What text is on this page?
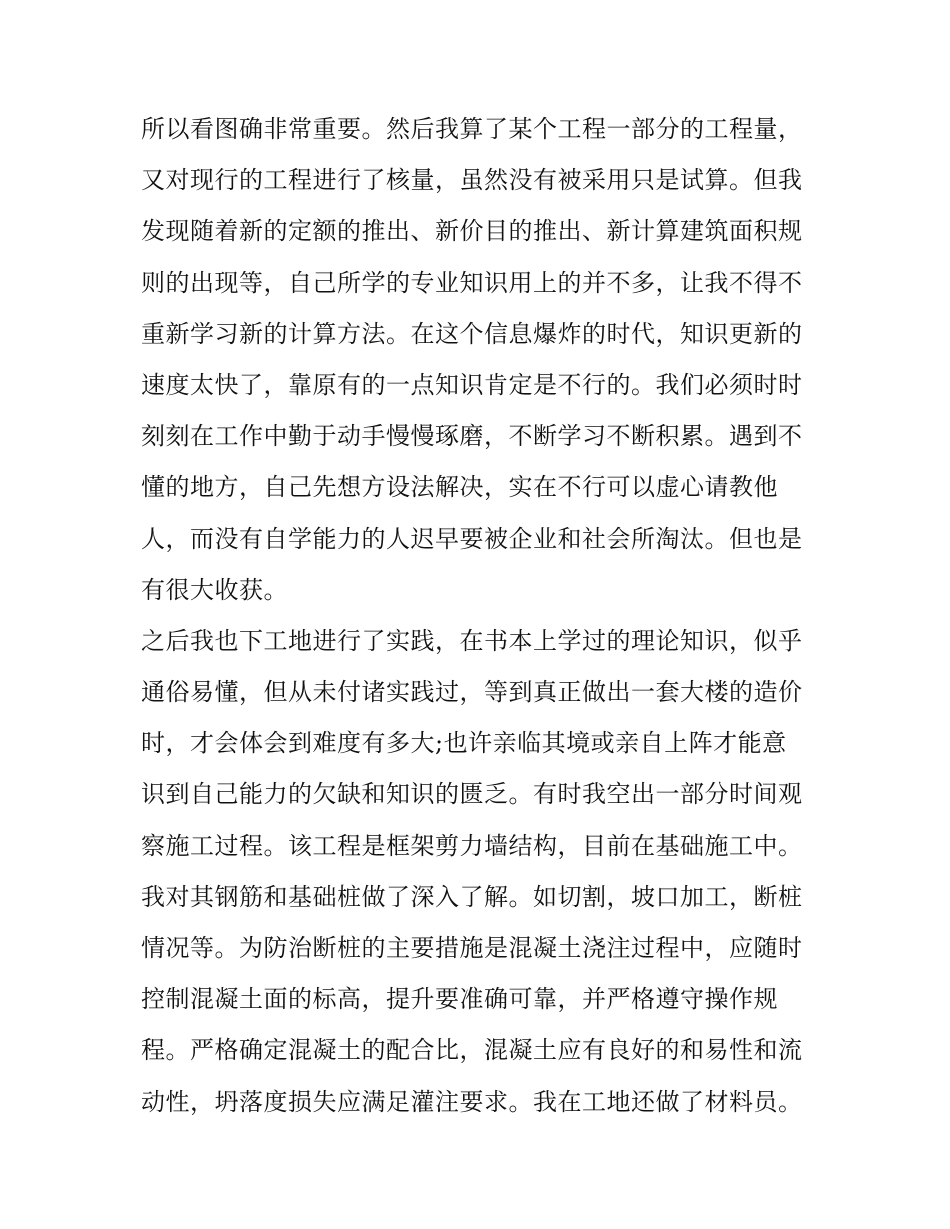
所以看图确非常重要。然后我算了某个工程一部分的工程量，
又对现行的工程进行了核量，虽然没有被采用只是试算。但我
发现随着新的定额的推出、新价目的推出、新计算建筑面积规
则的出现等，自己所学的专业知识用上的并不多，让我不得不
重新学习新的计算方法。在这个信息爆炸的时代，知识更新的
速度太快了，靠原有的一点知识肯定是不行的。我们必须时时
刻刻在工作中勤于动手慢慢琢磨，不断学习不断积累。遇到不
懂的地方，自己先想方设法解决，实在不行可以虚心请教他
人，而没有自学能力的人迟早要被企业和社会所淘汰。但也是
有很大收获。
之后我也下工地进行了实践，在书本上学过的理论知识，似乎
通俗易懂，但从未付诸实践过，等到真正做出一套大楼的造价
时，才会体会到难度有多大;也许亲临其境或亲自上阵才能意
识到自己能力的欠缺和知识的匮乏。有时我空出一部分时间观
察施工过程。该工程是框架剪力墙结构，目前在基础施工中。
我对其钢筋和基础桩做了深入了解。如切割，坡口加工，断桩
情况等。为防治断桩的主要措施是混凝土浇注过程中，应随时
控制混凝土面的标高，提升要准确可靠，并严格遵守操作规
程。严格确定混凝土的配合比，混凝土应有良好的和易性和流
动性，坍落度损失应满足灌注要求。我在工地还做了材料员。
